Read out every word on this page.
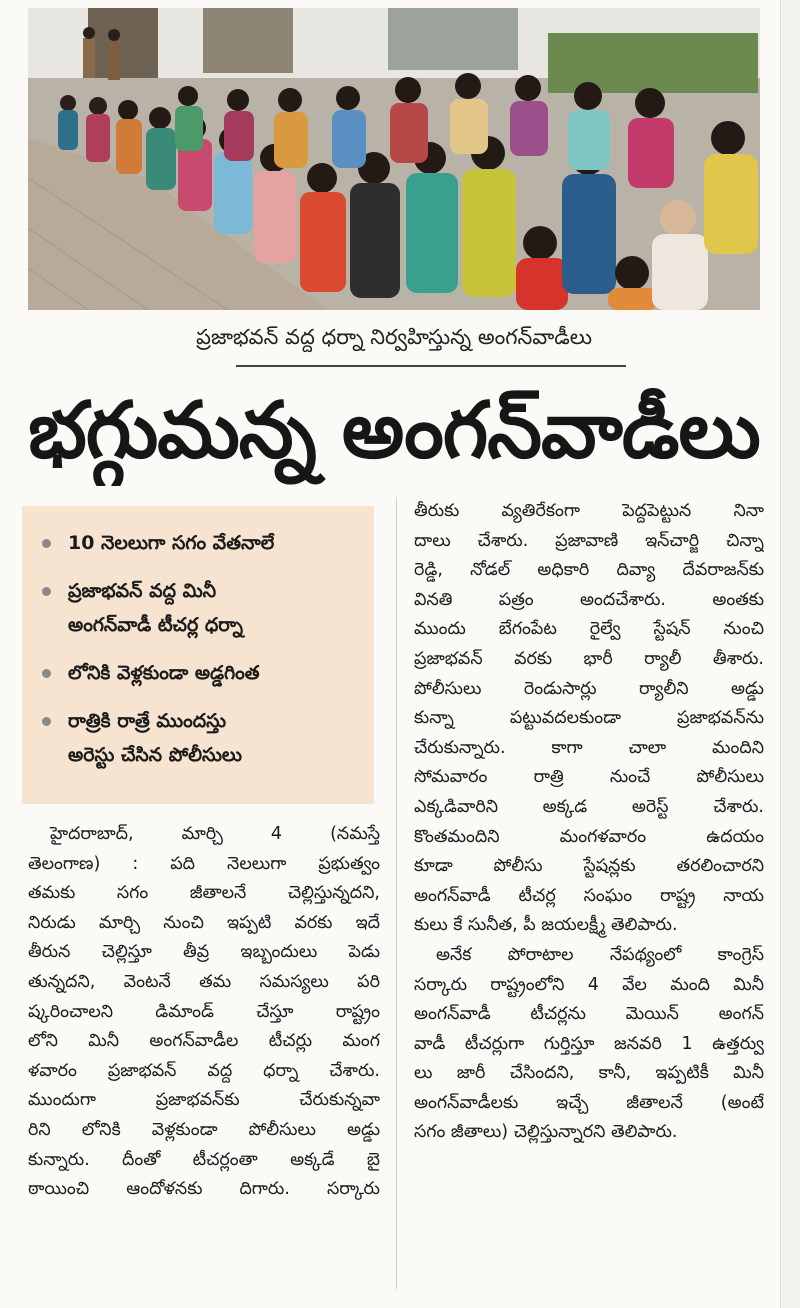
ప్రజాభవన్ వద్ద ధర్నా నిర్వహిస్తున్న అంగన్‌వాడీలు
భగ్గుమన్న అంగన్‌వాడీలు
10 నెలలుగా సగం వేతనాలే
ప్రజాభవన్ వద్ద మినీ
అంగన్‌వాడీ టీచర్ల ధర్నా
లోనికి వెళ్లకుండా అడ్డగింత
రాత్రికి రాత్రే ముందస్తు
అరెస్టు చేసిన పోలీసులు
హైదరాబాద్, మార్చి 4 (నమస్తే
తెలంగాణ) : పది నెలలుగా ప్రభుత్వం
తమకు సగం జీతాలనే చెల్లిస్తున్నదని,
నిరుడు మార్చి నుంచి ఇప్పటి వరకు ఇదే
తీరున చెల్లిస్తూ తీవ్ర ఇబ్బందులు పెడు
తున్నదని, వెంటనే తమ సమస్యలు పరి
ష్కరించాలని డిమాండ్ చేస్తూ రాష్ట్రం
లోని మినీ అంగన్‌వాడీల టీచర్లు మంగ
ళవారం ప్రజాభవన్ వద్ద ధర్నా చేశారు.
ముందుగా ప్రజాభవన్‌కు చేరుకున్నవా
రిని లోనికి వెళ్లకుండా పోలీసులు అడ్డు
కున్నారు. దీంతో టీచర్లంతా అక్కడే బై
ఠాయించి ఆందోళనకు దిగారు. సర్కారు
తీరుకు వ్యతిరేకంగా పెద్దపెట్టున నినా
దాలు చేశారు. ప్రజావాణి ఇన్‌చార్జి చిన్నా
రెడ్డి, నోడల్ అధికారి దివ్యా దేవరాజన్‌కు
వినతి పత్రం అందచేశారు. అంతకు
ముందు బేగంపేట రైల్వే స్టేషన్ నుంచి
ప్రజాభవన్ వరకు భారీ ర్యాలీ తీశారు.
పోలీసులు రెండుసార్లు ర్యాలీని అడ్డు
కున్నా పట్టువదలకుండా ప్రజాభవన్‌ను
చేరుకున్నారు. కాగా చాలా మందిని
సోమవారం రాత్రి నుంచే పోలీసులు
ఎక్కడివారిని అక్కడ అరెస్ట్ చేశారు.
కొంతమందిని మంగళవారం ఉదయం
కూడా పోలీసు స్టేషన్లకు తరలించారని
అంగన్‌వాడీ టీచర్ల సంఘం రాష్ట్ర నాయ
కులు కే సునీత, పీ జయలక్ష్మీ తెలిపారు.
అనేక పోరాటాల నేపథ్యంలో కాంగ్రెస్
సర్కారు రాష్ట్రంలోని 4 వేల మంది మినీ
అంగన్‌వాడీ టీచర్లను మెయిన్ అంగన్
వాడీ టీచర్లుగా గుర్తిస్తూ జనవరి 1 ఉత్తర్వు
లు జారీ చేసిందని, కానీ, ఇప్పటికీ మినీ
అంగన్‌వాడీలకు ఇచ్చే జీతాలనే (అంటే
సగం జీతాలు) చెల్లిస్తున్నారని తెలిపారు.
